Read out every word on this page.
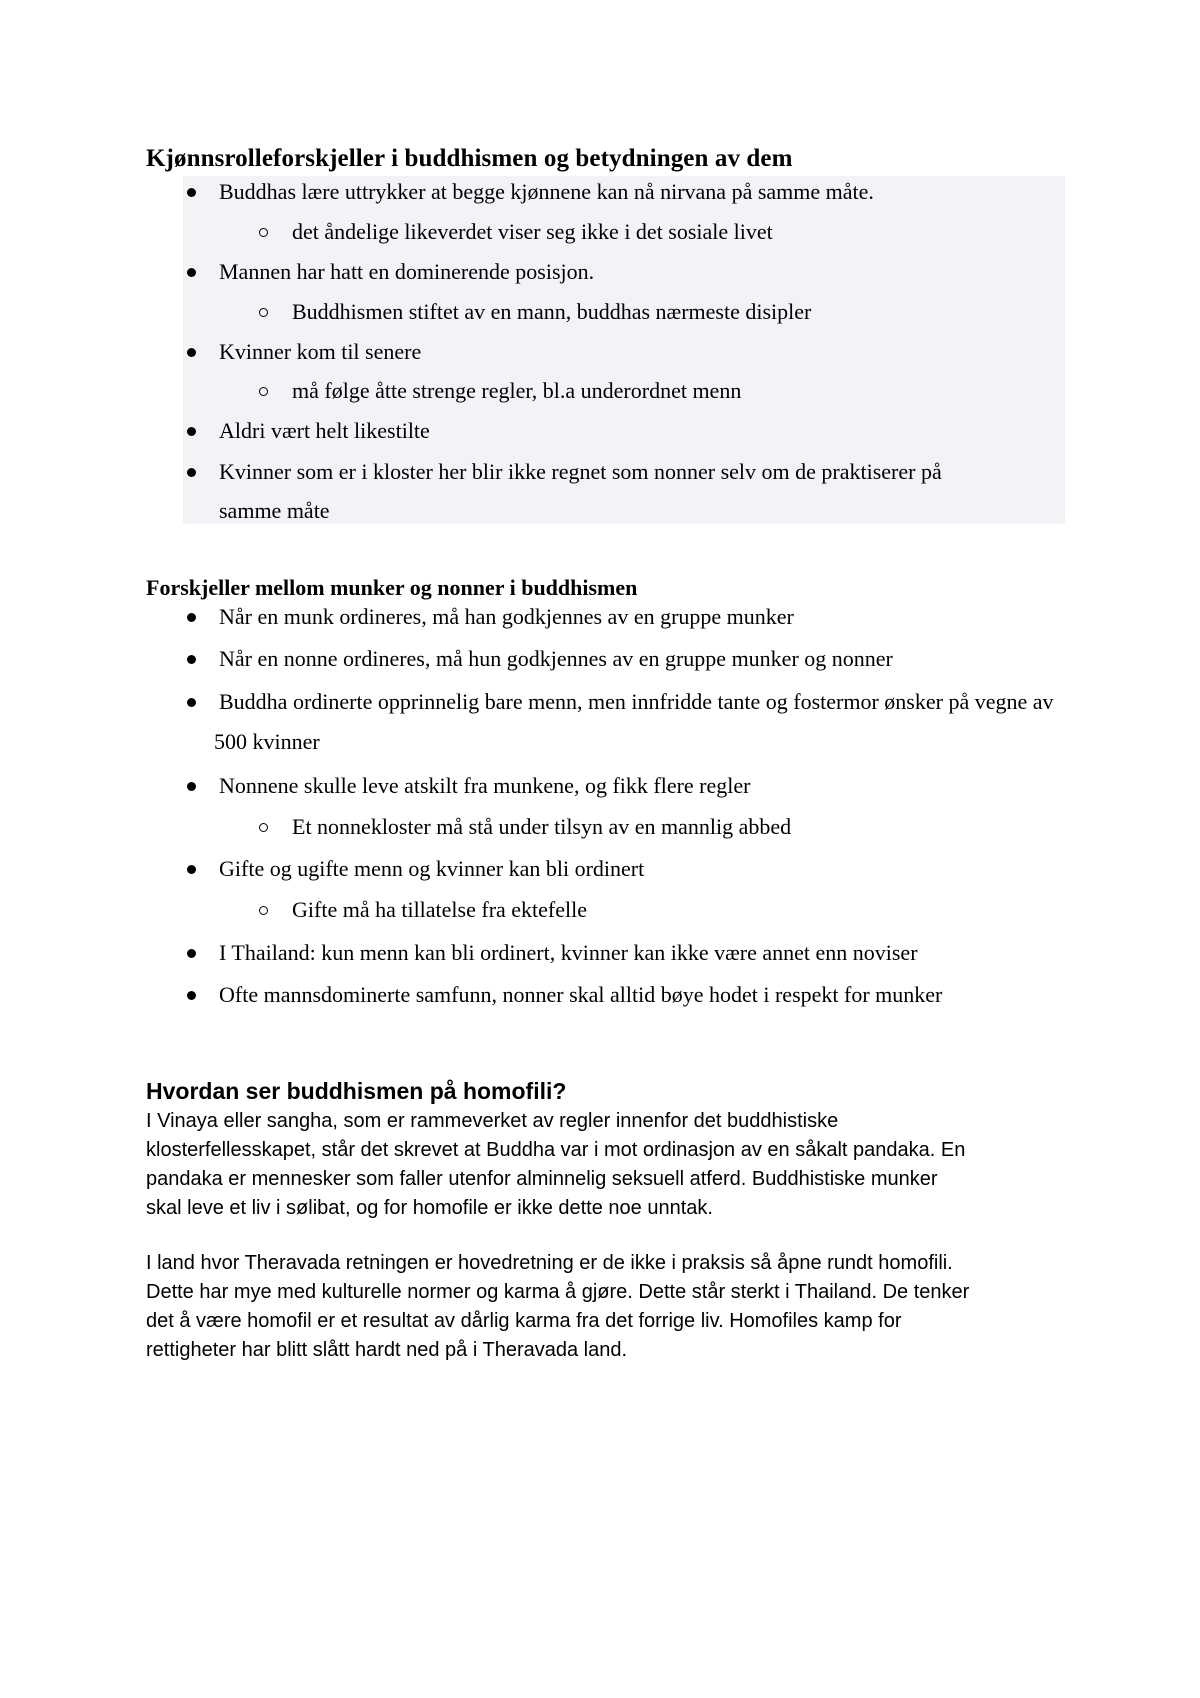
Kjønnsrolleforskjeller i buddhismen og betydningen av dem
Buddhas lære uttrykker at begge kjønnene kan nå nirvana på samme måte.
det åndelige likeverdet viser seg ikke i det sosiale livet
Mannen har hatt en dominerende posisjon.
Buddhismen stiftet av en mann, buddhas nærmeste disipler
Kvinner kom til senere
må følge åtte strenge regler, bl.a underordnet menn
Aldri vært helt likestilte
Kvinner som er i kloster her blir ikke regnet som nonner selv om de praktiserer på
samme måte
Forskjeller mellom munker og nonner i buddhismen
Når en munk ordineres, må han godkjennes av en gruppe munker
Når en nonne ordineres, må hun godkjennes av en gruppe munker og nonner
Buddha ordinerte opprinnelig bare menn, men innfridde tante og fostermor ønsker på vegne av
500 kvinner
Nonnene skulle leve atskilt fra munkene, og fikk flere regler
Et nonnekloster må stå under tilsyn av en mannlig abbed
Gifte og ugifte menn og kvinner kan bli ordinert
Gifte må ha tillatelse fra ektefelle
I Thailand: kun menn kan bli ordinert, kvinner kan ikke være annet enn noviser
Ofte mannsdominerte samfunn, nonner skal alltid bøye hodet i respekt for munker
Hvordan ser buddhismen på homofili?
I Vinaya eller sangha, som er rammeverket av regler innenfor det buddhistiske
klosterfellesskapet, står det skrevet at Buddha var i mot ordinasjon av en såkalt pandaka. En
pandaka er mennesker som faller utenfor alminnelig seksuell atferd. Buddhistiske munker
skal leve et liv i sølibat, og for homofile er ikke dette noe unntak.
I land hvor Theravada retningen er hovedretning er de ikke i praksis så åpne rundt homofili.
Dette har mye med kulturelle normer og karma å gjøre. Dette står sterkt i Thailand. De tenker
det å være homofil er et resultat av dårlig karma fra det forrige liv. Homofiles kamp for
rettigheter har blitt slått hardt ned på i Theravada land.
